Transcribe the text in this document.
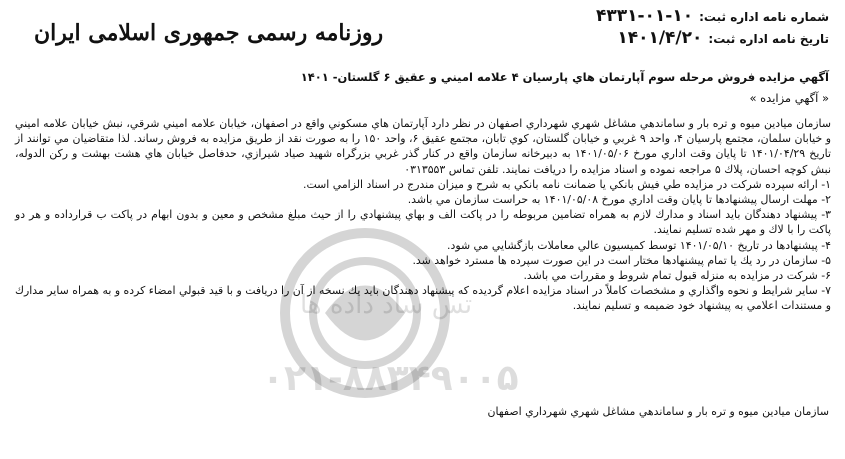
روزنامه رسمی جمهوری اسلامی ایران
شماره نامه اداره ثبت:
۴۳۳۱-۰۱-۱۰
تاریخ نامه اداره ثبت:
۱۴۰۱/۴/۲۰
آگهي مزايده فروش مرحله سوم آپارتمان هاي پارسيان ۴ علامه اميني و عقيق ۶ گلستان- ۱۴۰۱
« آگهي مزايده »

سازمان ميادين ميوه و تره بار و ساماندهي مشاغل شهري شهرداري اصفهان در نظر دارد آپارتمان هاي مسكوني واقع در اصفهان، خيابان علامه اميني شرقي، نبش خيابان علامه اميني و خيابان سلمان، مجتمع پارسيان ۴، واحد ۹ غربي و خيابان گلستان، كوي تابان، مجتمع عقيق ۶، واحد ۱۵۰ را به صورت نقد از طريق مزايده به فروش رساند. لذا متقاضيان مي توانند از تاريخ ۱۴۰۱/۰۴/۲۹ تا پايان وقت اداري مورخ ۱۴۰۱/۰۵/۰۶ به دبيرخانه سازمان واقع در كنار گذر غربي بزرگراه شهيد صياد شيرازي، حدفاصل خيابان هاي هشت بهشت و ركن الدوله، نبش كوچه احسان، پلاك ۵ مراجعه نموده و اسناد مزايده را دريافت نمايند. تلفن تماس ۰۳۱۳۵۵۳

۱- ارائه سپرده شركت در مزايده طي فيش بانكي يا ضمانت نامه بانكي به شرح و ميزان مندرج در اسناد الزامي است.

۲- مهلت ارسال پيشنهادها تا پايان وقت اداري مورخ ۱۴۰۱/۰۵/۰۸ به حراست سازمان مي باشد.

۳- پيشنهاد دهندگان بايد اسناد و مدارك لازم به همراه تضامين مربوطه را در پاكت الف و بهاي پيشنهادي را از حيث مبلغ مشخص و معين و بدون ابهام در پاكت ب قرارداده و هر دو پاكت را با لاك و مهر شده تسليم نمايند.

۴- پيشنهادها در تاريخ ۱۴۰۱/۰۵/۱۰ توسط كميسيون عالي معاملات بازگشايي مي شود.

۵- سازمان در رد يك يا تمام پيشنهادها مختار است در اين صورت سپرده ها مسترد خواهد شد.

۶- شركت در مزايده به منزله قبول تمام شروط و مقررات مي باشد.

۷- ساير شرايط و نحوه واگذاري و مشخصات كاملاً در اسناد مزايده اعلام گرديده كه پيشنهاد دهندگان بايد يك نسخه از آن را دريافت و با قيد قبولي امضاء كرده و به همراه ساير مدارك و مستندات اعلامي به پيشنهاد خود ضميمه و تسليم نمايند.

سازمان ميادين ميوه و تره بار و ساماندهي مشاغل شهري شهرداري اصفهان
تس ساد داده ها
۰۲۱-۸۸۳۴۹۰۰۵
